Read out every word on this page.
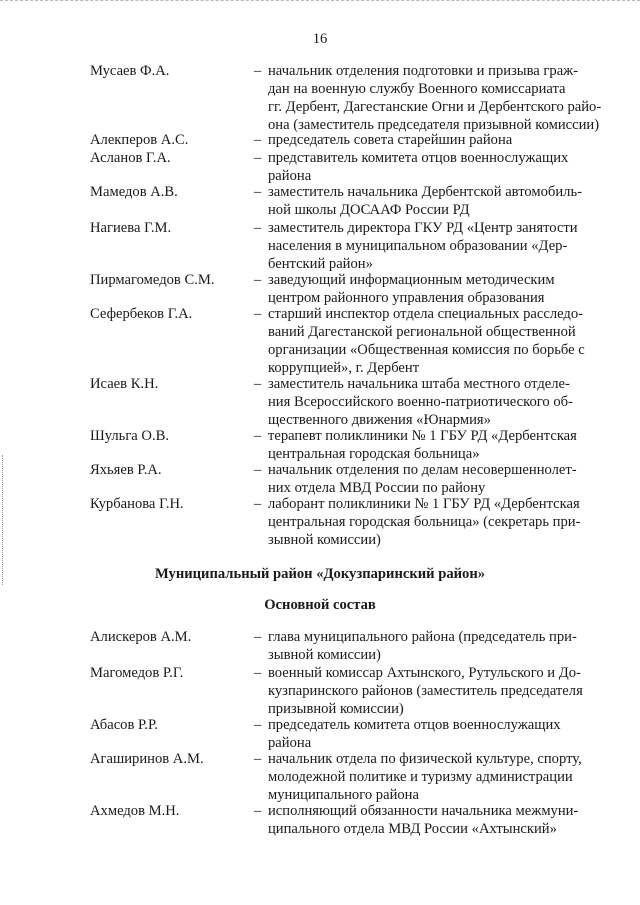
16
Мусаев Ф.А.	– начальник отделения подготовки и призыва граж-
дан на военную службу Военного комиссариата
гг. Дербент, Дагестанские Огни и Дербентского райо-
она (заместитель председателя призывной комиссии)
Алекперов А.С.	– председатель совета старейшин района
Асланов Г.А.	– представитель комитета отцов военнослужащих
района
Мамедов А.В.	– заместитель начальника Дербентской автомобиль-
ной школы ДОСААФ России РД
Нагиева Г.М.	– заместитель директора ГКУ РД «Центр занятости
населения в муниципальном образовании «Дер-
бентский район»
Пирмагомедов С.М.	– заведующий информационным методическим
центром районного управления образования
Сефербеков Г.А.	– старший инспектор отдела специальных расследо-
ваний Дагестанской региональной общественной
организации «Общественная комиссия по борьбе с
коррупцией», г. Дербент
Исаев К.Н.	– заместитель начальника штаба местного отделе-
ния Всероссийского военно-патриотического об-
щественного движения «Юнармия»
Шульга О.В.	– терапевт поликлиники № 1 ГБУ РД «Дербентская
центральная городская больница»
Яхьяев Р.А.	– начальник отделения по делам несовершеннолет-
них отдела МВД России по району
Курбанова Г.Н.	– лаборант поликлиники № 1 ГБУ РД «Дербентская
центральная городская больница» (секретарь при-
зывной комиссии)
Муниципальный район «Докузпаринский район»
Основной состав
Алискеров А.М.	– глава муниципального района (председатель при-
зывной комиссии)
Магомедов Р.Г.	– военный комиссар Ахтынского, Рутульского и До-
кузпаринского районов (заместитель председателя
призывной комиссии)
Абасов Р.Р.	– председатель комитета отцов военнослужащих
района
Агаширинов А.М.	– начальник отдела по физической культуре, спорту,
молодежной политике и туризму администрации
муниципального района
Ахмедов М.Н.	– исполняющий обязанности начальника межмуни-
ципального отдела МВД России «Ахтынский»
